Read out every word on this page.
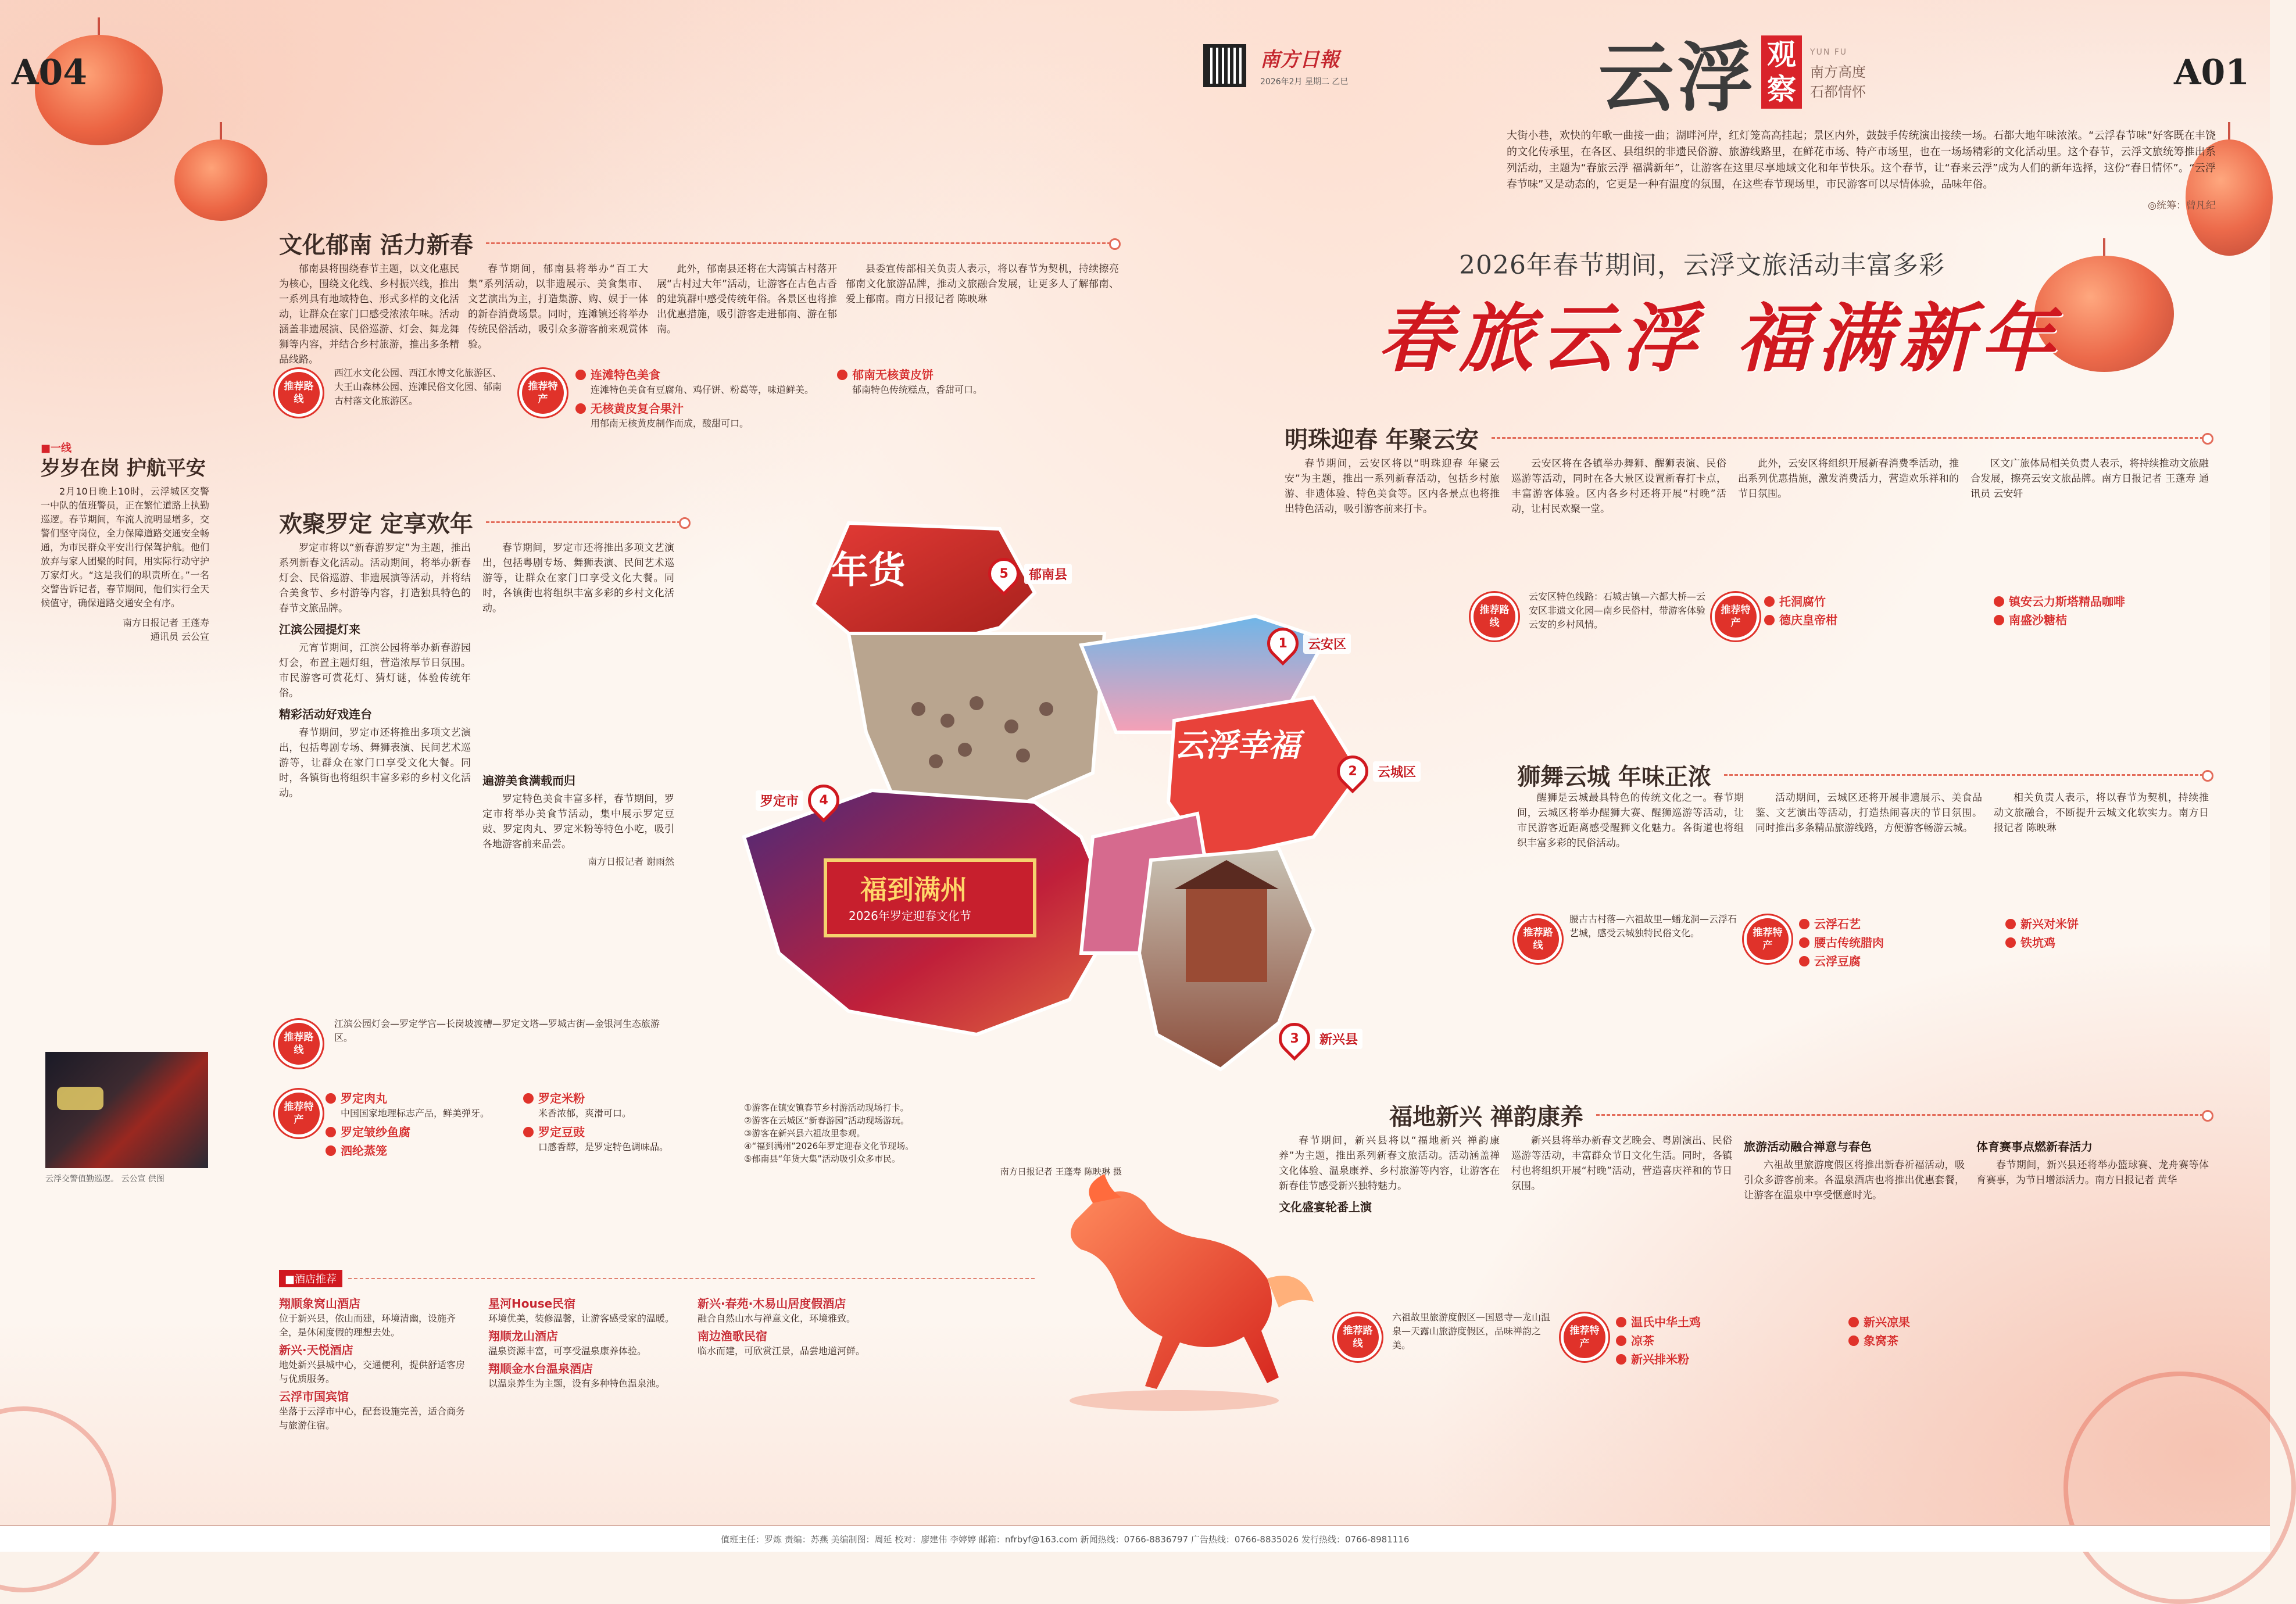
A04	A01
南方日報
2026年2月 星期二 乙巳	云浮 观
察
YUN FU
南方高度
石都情怀

大街小巷，欢快的年歌一曲接一曲；湖畔河岸，红灯笼高高挂起；景区内外，鼓鼓手传统演出接续一场。石都大地年味浓浓。“云浮春节味”好客既在丰饶的文化传承里，在各区、县组织的非遗民俗游、旅游线路里，在鲜花市场、特产市场里，也在一场场精彩的文化活动里。这个春节，云浮文旅统筹推出系列活动，主题为“春旅云浮 福满新年”，让游客在这里尽享地域文化和年节快乐。这个春节，让“春来云浮”成为人们的新年选择，这份“春日情怀”。“云浮春节味”又是动态的，它更是一种有温度的氛围，在这些春节现场里，市民游客可以尽情体验，品味年俗。

◎统筹：曾凡纪
2026年春节期间，云浮文旅活动丰富多彩
春旅云浮 福满新年
文化郁南 活力新春

郁南县将围绕春节主题，以文化惠民为核心，围绕文化线、乡村振兴线，推出一系列具有地域特色、形式多样的文化活动，让群众在家门口感受浓浓年味。活动涵盖非遗展演、民俗巡游、灯会、舞龙舞狮等内容，并结合乡村旅游，推出多条精品线路。

春节期间，郁南县将举办“百工大集”系列活动，以非遗展示、美食集市、文艺演出为主，打造集游、购、娱于一体的新春消费场景。同时，连滩镇还将举办传统民俗活动，吸引众多游客前来观赏体验。

此外，郁南县还将在大湾镇古村落开展“古村过大年”活动，让游客在古色古香的建筑群中感受传统年俗。各景区也将推出优惠措施，吸引游客走进郁南、游在郁南。

县委宣传部相关负责人表示，将以春节为契机，持续擦亮郁南文化旅游品牌，推动文旅融合发展，让更多人了解郁南、爱上郁南。南方日报记者 陈映琳

推荐路线
西江水文化公园、西江水博文化旅游区、大王山森林公园、连滩民俗文化园、郁南古村落文化旅游区。
推荐特产
连滩特色美食
连滩特色美食有豆腐角、鸡仔饼、粉葛等，味道鲜美。
无核黄皮复合果汁
用郁南无核黄皮制作而成，酸甜可口。
郁南无核黄皮饼
郁南特色传统糕点，香甜可口。
■一线
岁岁在岗 护航平安

2月10日晚上10时，云浮城区交警一中队的值班警员，正在繁忙道路上执勤巡逻。春节期间，车流人流明显增多，交警们坚守岗位，全力保障道路交通安全畅通，为市民群众平安出行保驾护航。他们放弃与家人团聚的时间，用实际行动守护万家灯火。“这是我们的职责所在。”一名交警告诉记者，春节期间，他们实行全天候值守，确保道路交通安全有序。

南方日报记者 王蓬寿
通讯员 云公宣
云浮交警值勤巡逻。 云公宣 供图
欢聚罗定 定享欢年

罗定市将以“新春游罗定”为主题，推出系列新春文化活动。活动期间，将举办新春灯会、民俗巡游、非遗展演等活动，并将结合美食节、乡村游等内容，打造独具特色的春节文旅品牌。

江滨公园提灯来

元宵节期间，江滨公园将举办新春游园灯会，布置主题灯组，营造浓厚节日氛围。市民游客可赏花灯、猜灯谜，体验传统年俗。

精彩活动好戏连台

春节期间，罗定市还将推出多项文艺演出，包括粤剧专场、舞狮表演、民间艺术巡游等，让群众在家门口享受文化大餐。同时，各镇街也将组织丰富多彩的乡村文化活动。

春节期间，罗定市还将推出多项文艺演出，包括粤剧专场、舞狮表演、民间艺术巡游等，让群众在家门口享受文化大餐。同时，各镇街也将组织丰富多彩的乡村文化活动。

遍游美食满载而归

罗定特色美食丰富多样，春节期间，罗定市将举办美食节活动，集中展示罗定豆豉、罗定肉丸、罗定米粉等特色小吃，吸引各地游客前来品尝。

南方日报记者 谢雨然
推荐路线
江滨公园灯会—罗定学宫—长岗坡渡槽—罗定文塔—罗城古街—金银河生态旅游区。
推荐特产
罗定肉丸
中国国家地理标志产品，鲜美弹牙。
罗定皱纱鱼腐
泗纶蒸笼
罗定米粉
米香浓郁，爽滑可口。
罗定豆豉
口感香醇，是罗定特色调味品。
年货
云浮幸福
福到满州
2026年罗定迎春文化节
5	郁南县
1	云安区
2	云城区
罗定市	4
3	新兴县
①游客在镇安镇春节乡村游活动现场打卡。
②游客在云城区“新春游园”活动现场游玩。
③游客在新兴县六祖故里参观。
④“福到满州”2026年罗定迎春文化节现场。
⑤郁南县“年货大集”活动吸引众多市民。
南方日报记者 王蓬寿 陈映琳 摄
明珠迎春 年聚云安

春节期间，云安区将以“明珠迎春 年聚云安”为主题，推出一系列新春活动，包括乡村旅游、非遗体验、特色美食等。区内各景点也将推出特色活动，吸引游客前来打卡。

云安区将在各镇举办舞狮、醒狮表演、民俗巡游等活动，同时在各大景区设置新春打卡点，丰富游客体验。区内各乡村还将开展“村晚”活动，让村民欢聚一堂。

此外，云安区将组织开展新春消费季活动，推出系列优惠措施，激发消费活力，营造欢乐祥和的节日氛围。

区文广旅体局相关负责人表示，将持续推动文旅融合发展，擦亮云安文旅品牌。南方日报记者 王蓬寿 通讯员 云安轩

推荐路线
云安区特色线路：石城古镇—六都大桥—云安区非遗文化园—南乡民俗村，带游客体验云安的乡村风情。
推荐特产
托洞腐竹
德庆皇帝柑
镇安云力斯塔精品咖啡
南盛沙糖桔
狮舞云城 年味正浓

醒狮是云城最具特色的传统文化之一。春节期间，云城区将举办醒狮大赛、醒狮巡游等活动，让市民游客近距离感受醒狮文化魅力。各街道也将组织丰富多彩的民俗活动。

活动期间，云城区还将开展非遗展示、美食品鉴、文艺演出等活动，打造热闹喜庆的节日氛围。同时推出多条精品旅游线路，方便游客畅游云城。

相关负责人表示，将以春节为契机，持续推动文旅融合，不断提升云城文化软实力。南方日报记者 陈映琳

推荐路线
腰古古村落—六祖故里—蟠龙洞—云浮石艺城，感受云城独特民俗文化。	推荐特产
云浮石艺
腰古传统腊肉
云浮豆腐
新兴对米饼
铁坑鸡
福地新兴 禅韵康养

春节期间，新兴县将以“福地新兴 禅韵康养”为主题，推出系列新春文旅活动。活动涵盖禅文化体验、温泉康养、乡村旅游等内容，让游客在新春佳节感受新兴独特魅力。

文化盛宴轮番上演

新兴县将举办新春文艺晚会、粤剧演出、民俗巡游等活动，丰富群众节日文化生活。同时，各镇村也将组织开展“村晚”活动，营造喜庆祥和的节日氛围。

旅游活动融合禅意与春色

六祖故里旅游度假区将推出新春祈福活动，吸引众多游客前来。各温泉酒店也将推出优惠套餐，让游客在温泉中享受惬意时光。

体育赛事点燃新春活力

春节期间，新兴县还将举办篮球赛、龙舟赛等体育赛事，为节日增添活力。南方日报记者 黄华

推荐路线
六祖故里旅游度假区—国恩寺—龙山温泉—天露山旅游度假区，品味禅韵之美。
推荐特产
温氏中华土鸡
凉茶
新兴排米粉
新兴凉果
象窝茶
■酒店推荐
翔顺象窝山酒店
位于新兴县，依山而建，环境清幽，设施齐全，是休闲度假的理想去处。
新兴·天悦酒店
地处新兴县城中心，交通便利，提供舒适客房与优质服务。
云浮市国宾馆
坐落于云浮市中心，配套设施完善，适合商务与旅游住宿。
星河House民宿
环境优美，装修温馨，让游客感受家的温暖。
翔顺龙山酒店
温泉资源丰富，可享受温泉康养体验。
翔顺金水台温泉酒店
以温泉养生为主题，设有多种特色温泉池。
新兴·春苑·木易山居度假酒店
融合自然山水与禅意文化，环境雅致。
南边渔歌民宿
临水而建，可欣赏江景，品尝地道河鲜。
值班主任：罗炼 责编：苏燕 美编制图：周延 校对：廖建伟 李婷婷 邮箱：nfrbyf@163.com 新闻热线：0766-8836797 广告热线：0766-8835026 发行热线：0766-8981116
